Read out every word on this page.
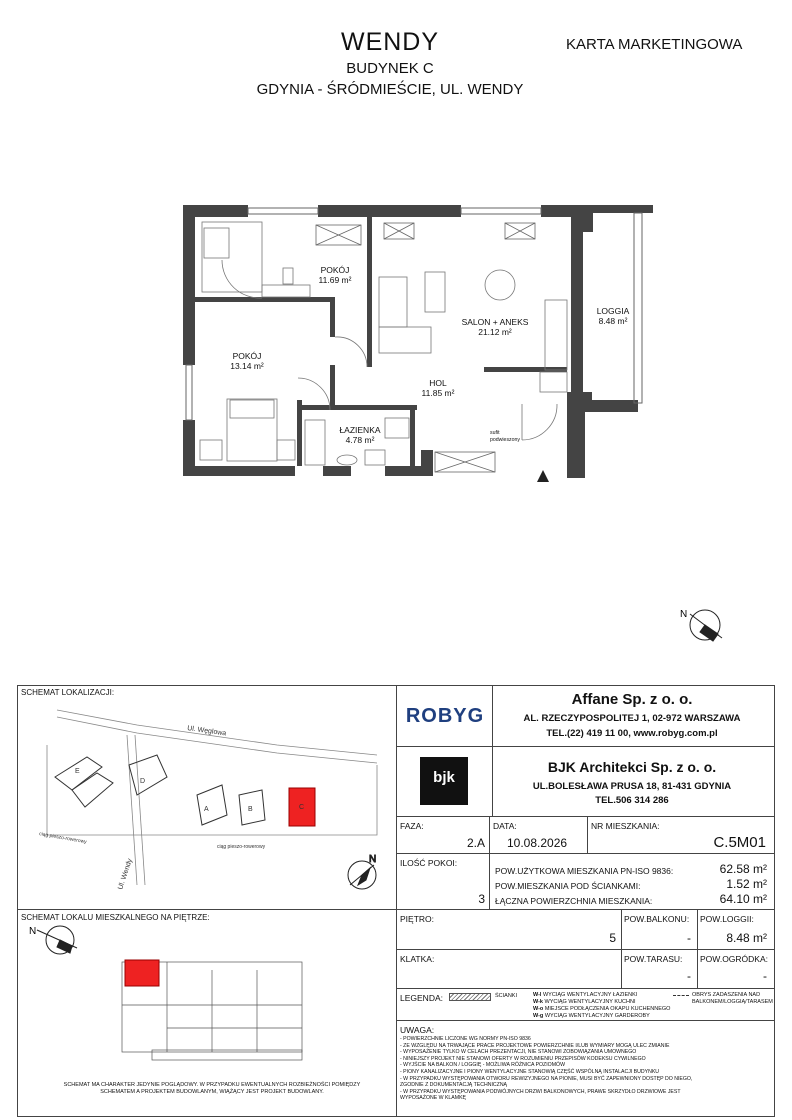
WENDY
BUDYNEK C
GDYNIA - ŚRÓDMIEŚCIE, UL. WENDY
KARTA MARKETINGOWA
N
POKÓJ
11.69 m²
SALON + ANEKS
21.12 m²
LOGGIA
8.48 m²
POKÓJ
13.14 m²
HOL
11.85 m²
ŁAZIENKA
4.78 m²
sufit
podwieszony
SCHEMAT LOKALIZACJI:
E
D
A	B	C
Ul. Węglowa
Ul. Wendy
ciąg pieszo-rowerowy
ciąg pieszo-rowerowy
N
SCHEMAT LOKALU MIESZKALNEGO NA PIĘTRZE:
N
SCHEMAT MA CHARAKTER JEDYNIE POGLĄDOWY. W PRZYPADKU EWENTUALNYCH ROZBIEŻNOŚCI POMIĘDZY SCHEMATEM A PROJEKTEM BUDOWLANYM, WIĄŻĄCY JEST PROJEKT BUDOWLANY.
ROBYG
Affane Sp. z o. o.
AL. RZECZYPOSPOLITEJ 1, 02-972 WARSZAWA
TEL.(22) 419 11 00, www.robyg.com.pl
bjk
BJK Architekci Sp. z o. o.
UL.BOLESŁAWA PRUSA 18, 81-431 GDYNIA
TEL.506 314 286
FAZA:
2.A
DATA:
10.08.2026
NR MIESZKANIA:
C.5M01
ILOŚĆ POKOI:
3
POW.UŻYTKOWA MIESZKANIA PN-ISO 9836:	62.58 m²
POW.MIESZKANIA POD ŚCIANKAMI:	1.52 m²
ŁĄCZNA POWIERZCHNIA MIESZKANIA:	64.10 m²
PIĘTRO:
5
POW.BALKONU:
-
POW.LOGGII:
8.48 m²
KLATKA:	POW.TARASU:
-
POW.OGRÓDKA:
-
LEGENDA:	ŚCIANKI	W-l WYCIĄG WENTYLACYJNY ŁAZIENKI
W-k WYCIĄG WENTYLACYJNY KUCHNI
W-o MIEJSCE PODŁĄCZENIA OKAPU KUCHENNEGO
W-g WYCIĄG WENTYLACYJNY GARDEROBY
OBRYS ZADASZENIA NAD BALKONEM/LOGGIĄ/TARASEM
UWAGA:
- POWIERZCHNIE LICZONE WG NORMY PN-ISO 9836
- ZE WZGLĘDU NA TRWAJĄCE PRACE PROJEKTOWE POWIERZCHNIE I/LUB WYMIARY MOGĄ ULEC ZMIANIE
- WYPOSAŻENIE TYLKO W CELACH PREZENTACJI, NIE STANOWI ZOBOWIĄZANIA UMOWNEGO
- NINIEJSZY PROJEKT NIE STANOWI OFERTY W ROZUMIENIU PRZEPISÓW KODEKSU CYWILNEGO
- WYJŚCIE NA BALKON / LOGGIĘ - MOŻLIWA RÓŻNICA POZIOMÓW
- PIONY KANALIZACYJNE I PIONY WENTYLACYJNE STANOWIĄ CZĘŚĆ WSPÓLNĄ INSTALACJI BUDYNKU
- W PRZYPADKU WYSTĘPOWANIA OTWORU REWIZYJNEGO NA PIONIE, MUSI BYĆ ZAPEWNIONY DOSTĘP DO NIEGO, ZGODNIE Z DOKUMENTACJĄ TECHNICZNĄ
- W PRZYPADKU WYSTĘPOWANIA PODWÓJNYCH DRZWI BALKONOWYCH, PRAWE SKRZYDŁO DRZWIOWE JEST WYPOSAŻONE W KLAMKĘ
